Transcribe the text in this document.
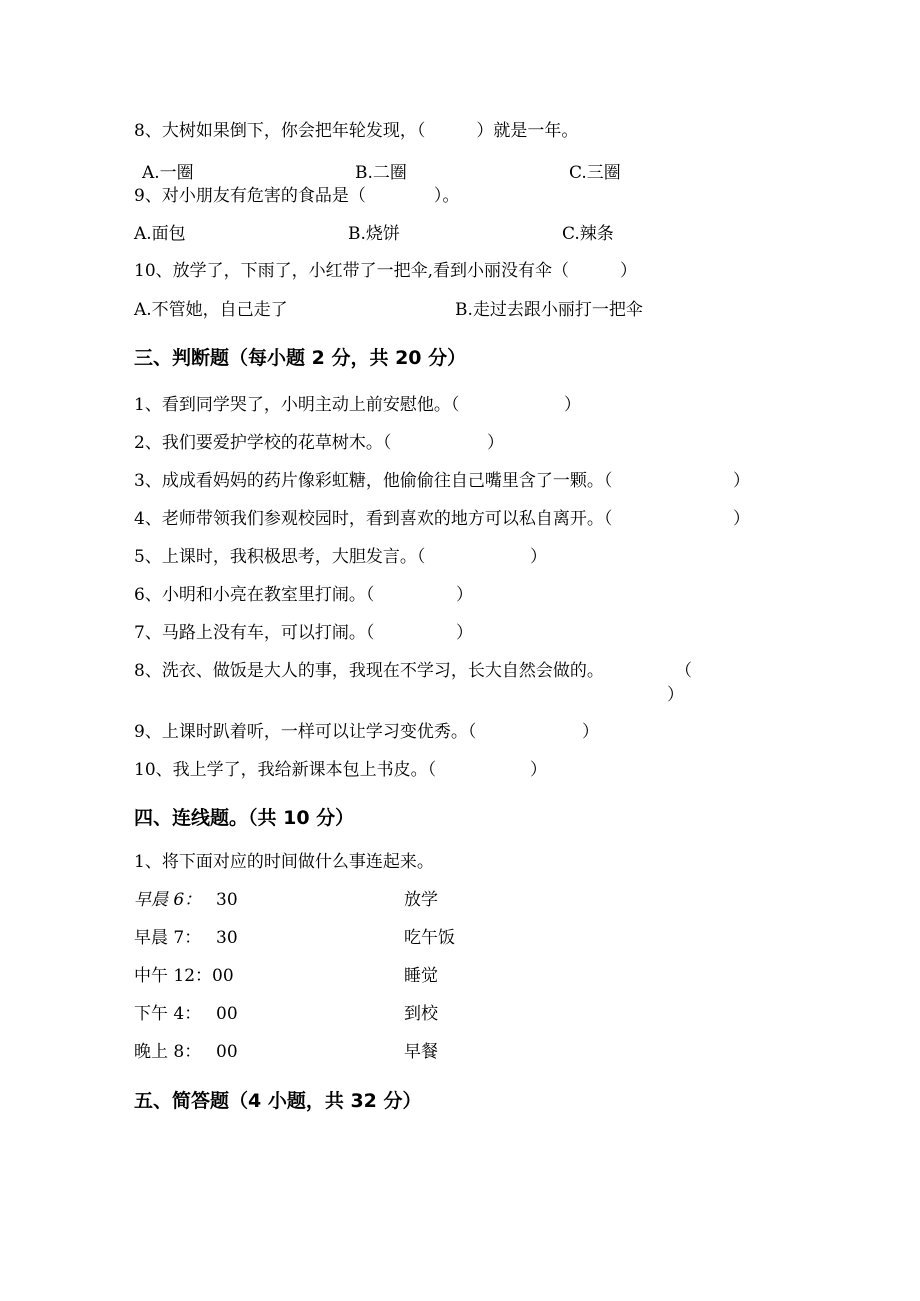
8、大树如果倒下，你会把年轮发现，（　　　）就是一年。
A.一圈	B.二圈	C.三圈
9、对小朋友有危害的食品是（　　　　）。
A.面包	B.烧饼	C.辣条
10、放学了，下雨了，小红带了一把伞,看到小丽没有伞（　　　）
A.不管她，自己走了	B.走过去跟小丽打一把伞
三、判断题（每小题 2 分，共 20 分）
1、看到同学哭了，小明主动上前安慰他。（	）
2、我们要爱护学校的花草树木。（	）
3、成成看妈妈的药片像彩虹糖，他偷偷往自己嘴里含了一颗。（	）
4、老师带领我们参观校园时，看到喜欢的地方可以私自离开。（	）
5、上课时，我积极思考，大胆发言。（	）
6、小明和小亮在教室里打闹。（	）
7、马路上没有车，可以打闹。（	）
8、洗衣、做饭是大人的事，我现在不学习，长大自然会做的。	（
）
9、上课时趴着听，一样可以让学习变优秀。（	）
10、我上学了，我给新课本包上书皮。（	）
四、连线题。（共 10 分）
1、将下面对应的时间做什么事连起来。
早晨 6： 30	放学
早晨 7： 30	吃午饭
中午 12：00	睡觉
下午 4： 00	到校
晚上 8： 00	早餐
五、简答题（4 小题，共 32 分）
